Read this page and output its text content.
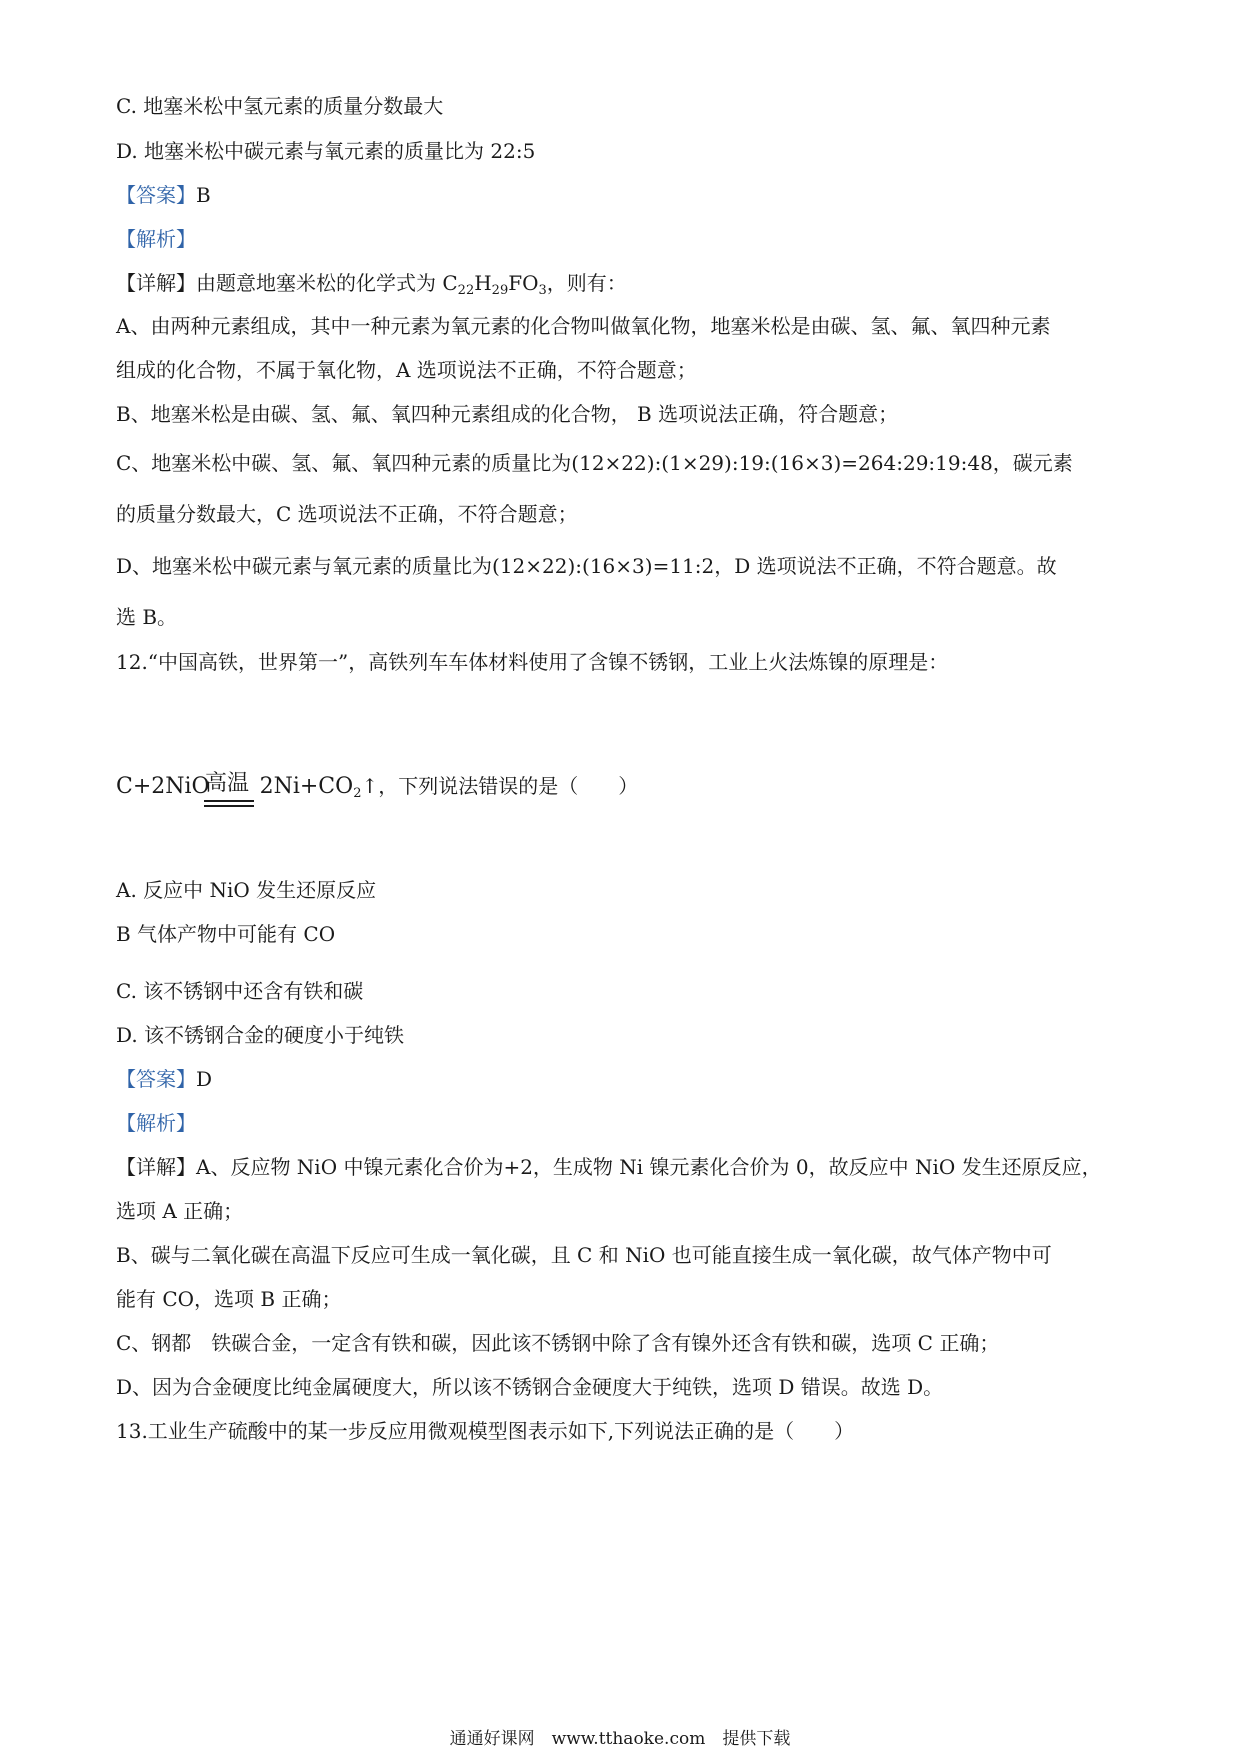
C. 地塞米松中氢元素的质量分数最大
D. 地塞米松中碳元素与氧元素的质量比为 22:5
【答案】B
【解析】
【详解】由题意地塞米松的化学式为 $C_{22}H_{29}FO_3$，则有：
A、由两种元素组成，其中一种元素为氧元素的化合物叫做氧化物，地塞米松是由碳、氢、氟、氧四种元素
组成的化合物，不属于氧化物，A 选项说法不正确，不符合题意；
B、地塞米松是由碳、氢、氟、氧四种元素组成的化合物， B 选项说法正确，符合题意；
C、地塞米松中碳、氢、氟、氧四种元素的质量比为(12×22):(1×29):19:(16×3)=264:29:19:48，碳元素
的质量分数最大，C 选项说法不正确，不符合题意；
D、地塞米松中碳元素与氧元素的质量比为(12×22):(16×3)=11:2，D 选项说法不正确，不符合题意。故
选 B。
12.“中国高铁，世界第一”，高铁列车车体材料使用了含镍不锈钢，工业上火法炼镍的原理是：
高温
C+2NiO $2Ni+CO_2↑$，下列说法错误的是（　　）
A. 反应中 NiO 发生还原反应
B 气体产物中可能有 CO
C. 该不锈钢中还含有铁和碳
D. 该不锈钢合金的硬度小于纯铁
【答案】D
【解析】
【详解】A、反应物 NiO 中镍元素化合价为+2，生成物 Ni 镍元素化合价为 0，故反应中 NiO 发生还原反应，
选项 A 正确；
B、碳与二氧化碳在高温下反应可生成一氧化碳，且 C 和 NiO 也可能直接生成一氧化碳，故气体产物中可
能有 CO，选项 B 正确；
C、钢都　铁碳合金，一定含有铁和碳，因此该不锈钢中除了含有镍外还含有铁和碳，选项 C 正确；
D、因为合金硬度比纯金属硬度大，所以该不锈钢合金硬度大于纯铁，选项 D 错误。故选 D。
13.工业生产硫酸中的某一步反应用微观模型图表示如下,下列说法正确的是（　　）
通通好课网　www.tthaoke.com　提供下载
